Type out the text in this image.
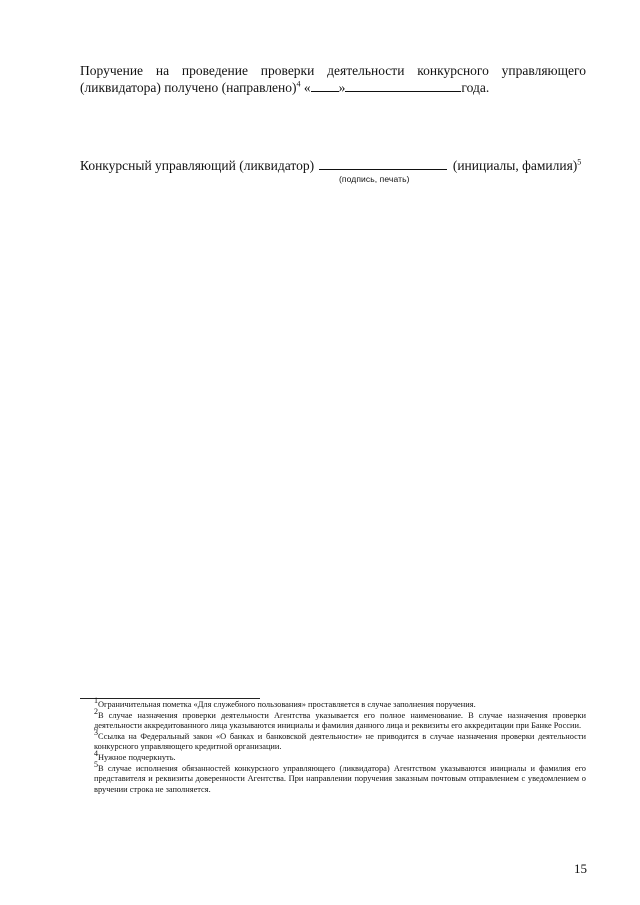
Поручение на проведение проверки деятельности конкурсного управляющего
(ликвидатора) получено (направлено)$^4$ « »	года.
Конкурсный управляющий (ликвидатор)	(инициалы, фамилия)$^5$
(подпись, печать)

$^1$Ограничительная пометка «Для служебного пользования» проставляется в случае заполнения поручения.

$^2$В случае назначения проверки деятельности Агентства указывается его полное наименование. В случае назначения проверки деятельности аккредитованного лица указываются инициалы и фамилия данного лица и реквизиты его аккредитации при Банке России.

$^3$Ссылка на Федеральный закон «О банках и банковской деятельности» не приводится в случае назначения проверки деятельности конкурсного управляющего кредитной организации.

$^4$Нужное подчеркнуть.

$^5$В случае исполнения обязанностей конкурсного управляющего (ликвидатора) Агентством указываются инициалы и фамилия его представителя и реквизиты доверенности Агентства. При направлении поручения заказным почтовым отправлением с уведомлением о вручении строка не заполняется.

15
